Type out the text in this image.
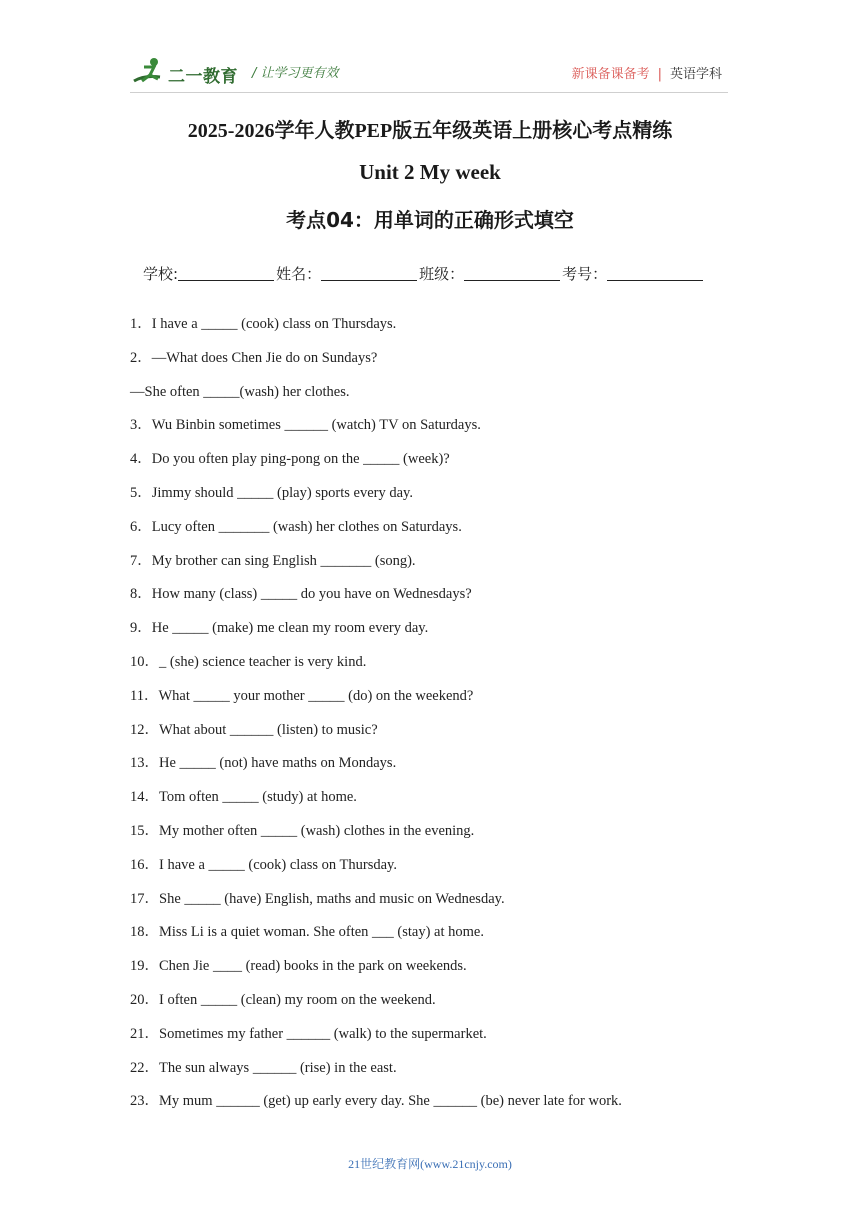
二一教育 / 让学习更有效	新课备课备考 | 英语学科
2025-2026学年人教PEP版五年级英语上册核心考点精练
Unit 2 My week
考点04：用单词的正确形式填空
学校:	姓名：	班级：	考号：
1．I have a _____ (cook) class on Thursdays.
2．—What does Chen Jie do on Sundays?
—She often _____(wash) her clothes.
3．Wu Binbin sometimes ______ (watch) TV on Saturdays.
4．Do you often play ping-pong on the _____ (week)?
5．Jimmy should _____ (play) sports every day.
6．Lucy often _______ (wash) her clothes on Saturdays.
7．My brother can sing English _______ (song).
8．How many (class) _____ do you have on Wednesdays?
9．He _____ (make) me clean my room every day.
10．_ (she) science teacher is very kind.
11．What _____ your mother _____ (do) on the weekend?
12．What about ______ (listen) to music?
13．He _____ (not) have maths on Mondays.
14．Tom often _____ (study) at home.
15．My mother often _____ (wash) clothes in the evening.
16．I have a _____ (cook) class on Thursday.
17．She _____ (have) English, maths and music on Wednesday.
18．Miss Li is a quiet woman. She often ___ (stay) at home.
19．Chen Jie ____ (read) books in the park on weekends.
20．I often _____ (clean) my room on the weekend.
21．Sometimes my father ______ (walk) to the supermarket.
22．The sun always ______ (rise) in the east.
23．My mum ______ (get) up early every day. She ______ (be) never late for work.
21世纪教育网(www.21cnjy.com)
